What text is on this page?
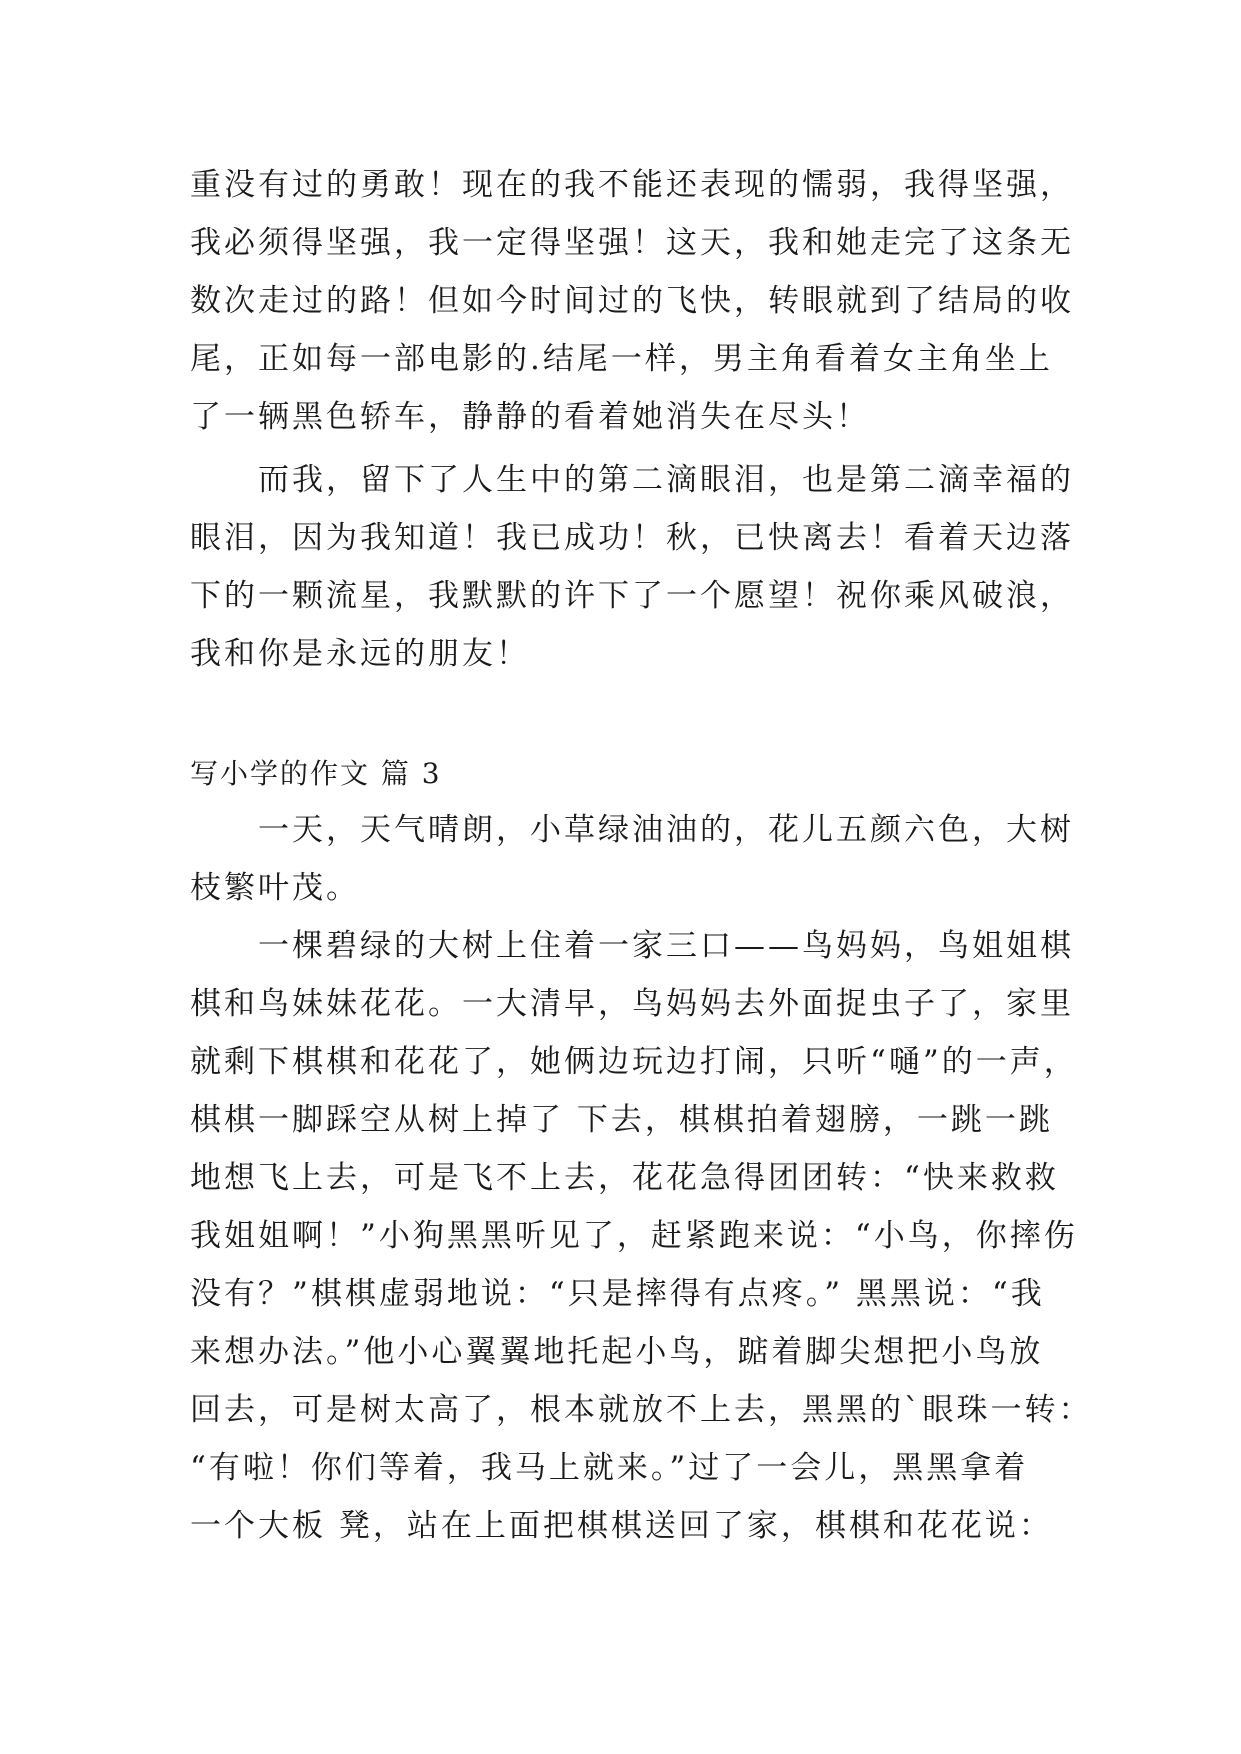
重没有过的勇敢！现在的我不能还表现的懦弱，我得坚强，
我必须得坚强，我一定得坚强！这天，我和她走完了这条无
数次走过的路！但如今时间过的飞快，转眼就到了结局的收
尾，正如每一部电影的.结尾一样，男主角看着女主角坐上
了一辆黑色轿车，静静的看着她消失在尽头！
而我，留下了人生中的第二滴眼泪，也是第二滴幸福的
眼泪，因为我知道！我已成功！秋，已快离去！看着天边落
下的一颗流星，我默默的许下了一个愿望！祝你乘风破浪，
我和你是永远的朋友！
写小学的作文 篇 3
一天，天气晴朗，小草绿油油的，花儿五颜六色，大树
枝繁叶茂。
一棵碧绿的大树上住着一家三口——鸟妈妈，鸟姐姐棋
棋和鸟妹妹花花。一大清早，鸟妈妈去外面捉虫子了，家里
就剩下棋棋和花花了，她俩边玩边打闹，只听“嗵”的一声，
棋棋一脚踩空从树上掉了 下去，棋棋拍着翅膀，一跳一跳
地想飞上去，可是飞不上去，花花急得团团转：“快来救救
我姐姐啊！”小狗黑黑听见了，赶紧跑来说：“小鸟，你摔伤
没有？”棋棋虚弱地说：“只是摔得有点疼。” 黑黑说：“我
来想办法。”他小心翼翼地托起小鸟，踮着脚尖想把小鸟放
回去，可是树太高了，根本就放不上去，黑黑的`眼珠一转：
“有啦！你们等着，我马上就来。”过了一会儿，黑黑拿着
一个大板 凳，站在上面把棋棋送回了家，棋棋和花花说：
